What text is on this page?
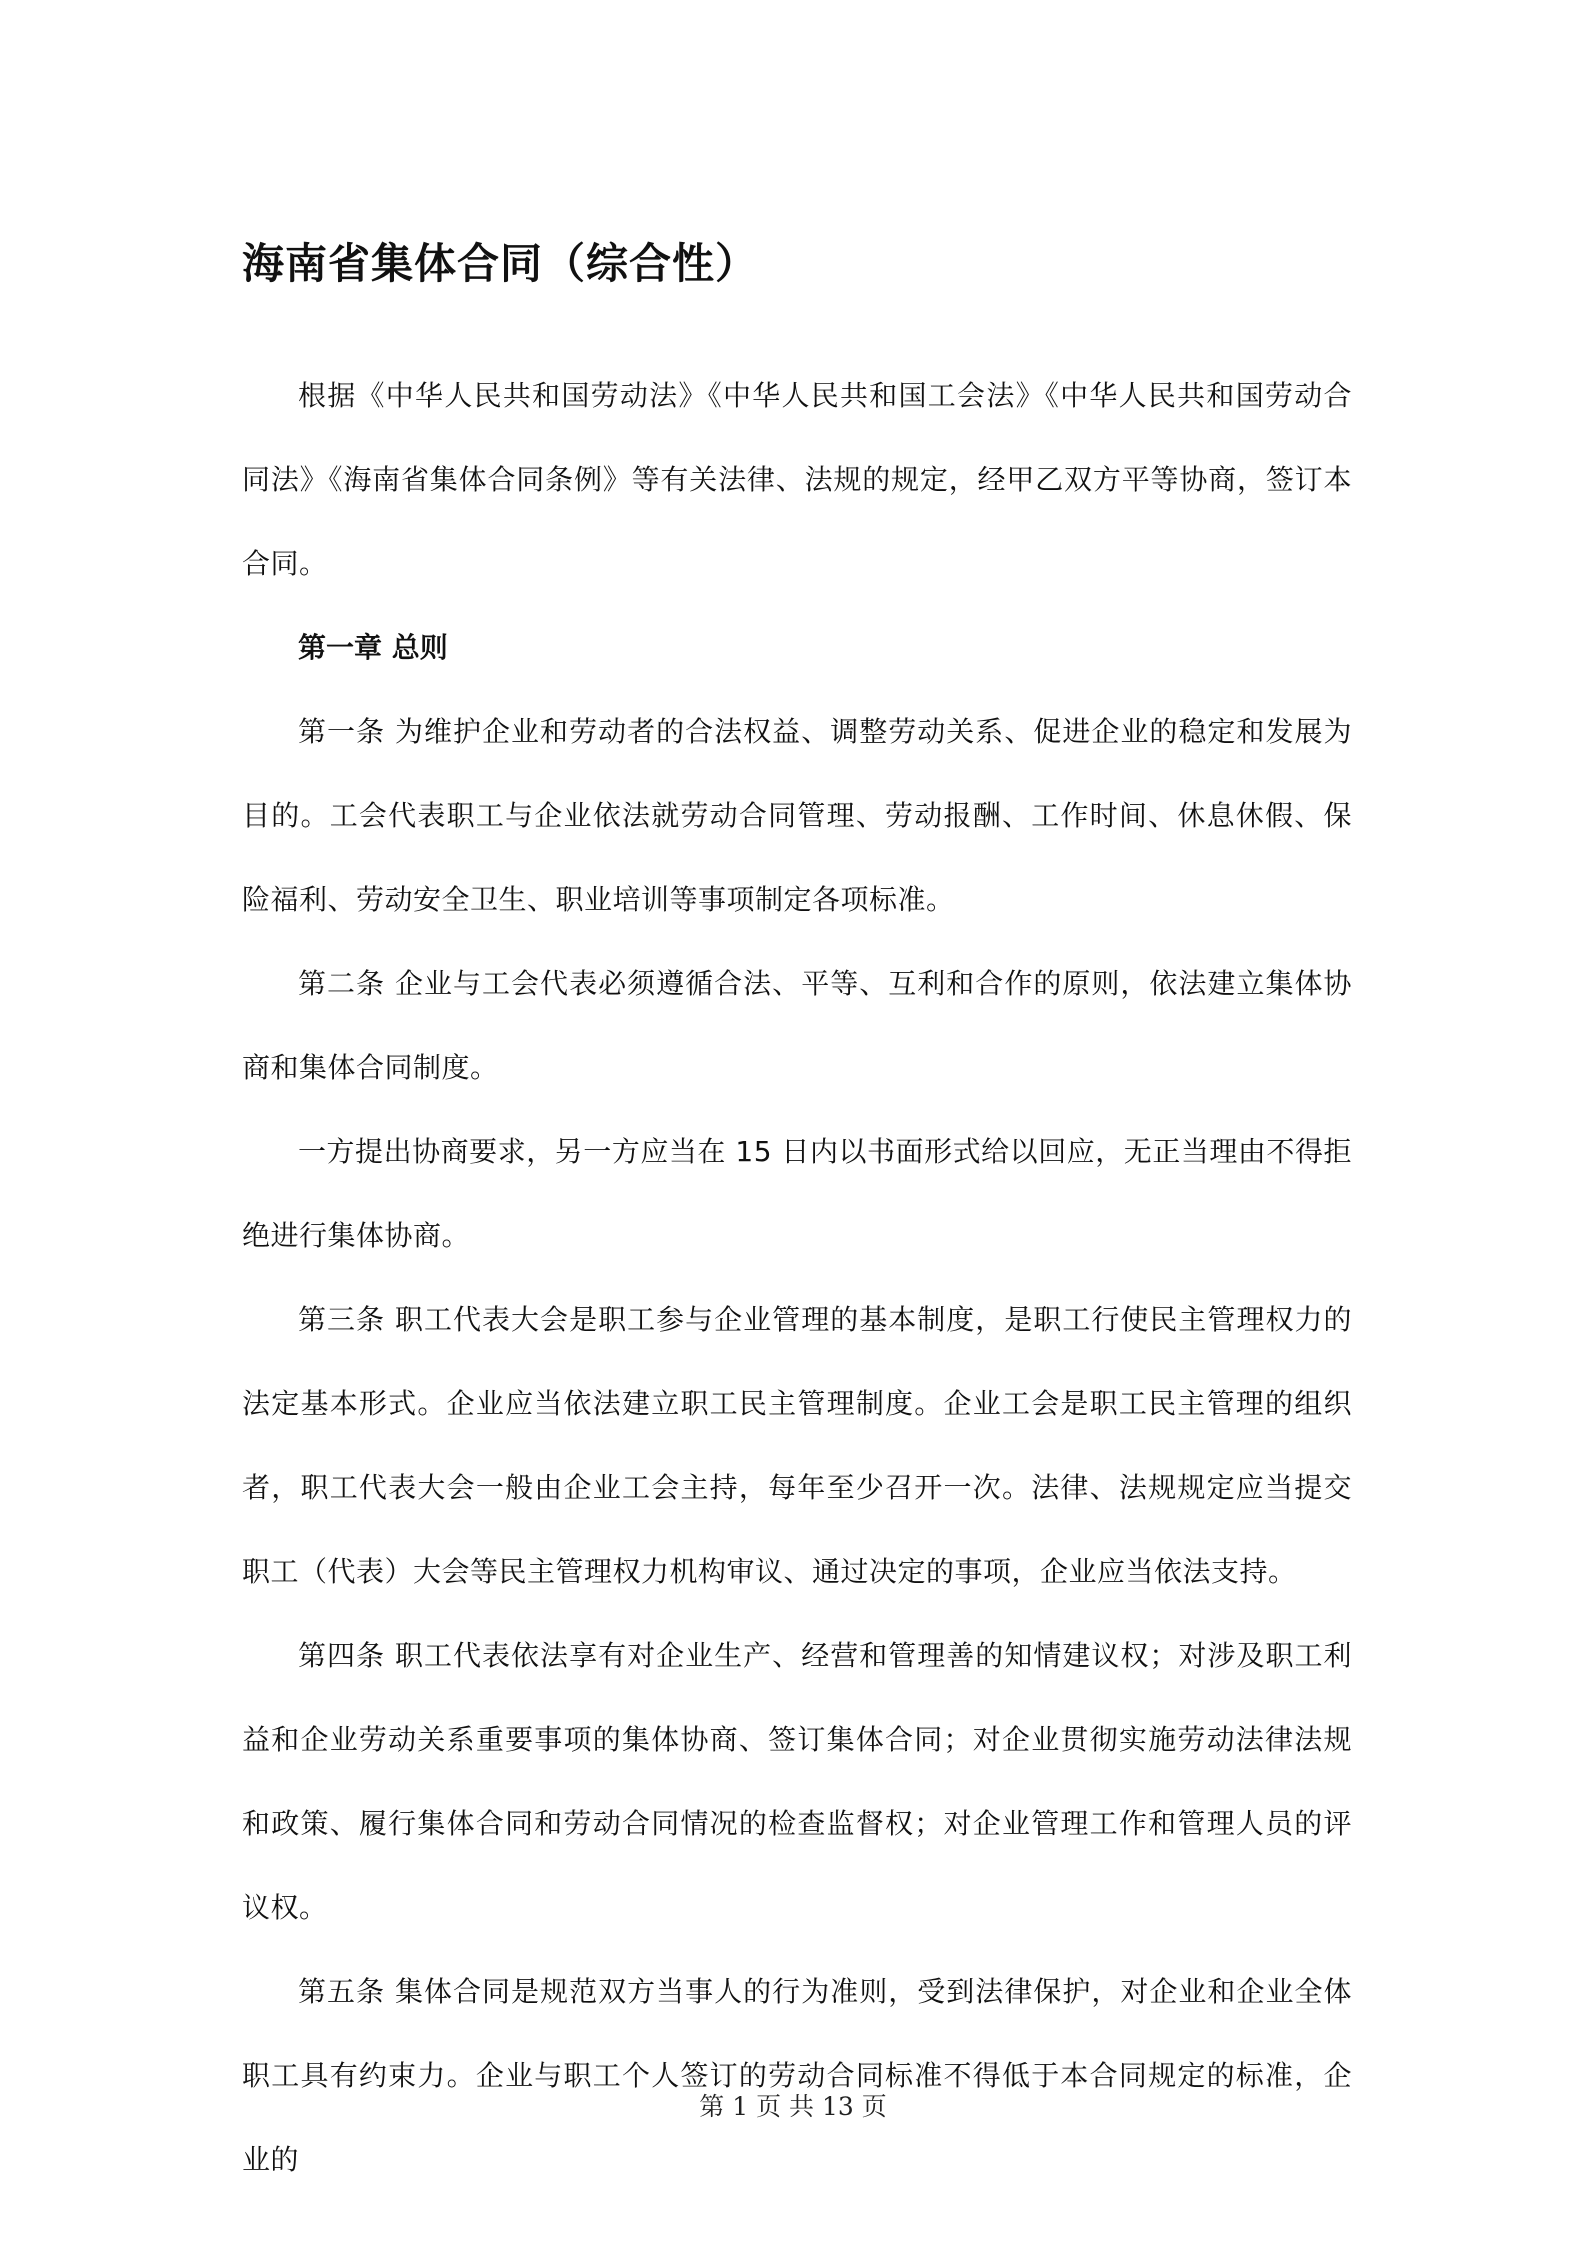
海南省集体合同（综合性）

根据《中华人民共和国劳动法》《中华人民共和国工会法》《中华人民共和国劳动合同法》《海南省集体合同条例》等有关法律、法规的规定，经甲乙双方平等协商，签订本合同。

第一章 总则

第一条 为维护企业和劳动者的合法权益、调整劳动关系、促进企业的稳定和发展为目的。工会代表职工与企业依法就劳动合同管理、劳动报酬、工作时间、休息休假、保险福利、劳动安全卫生、职业培训等事项制定各项标准。

第二条 企业与工会代表必须遵循合法、平等、互利和合作的原则，依法建立集体协商和集体合同制度。

一方提出协商要求，另一方应当在 15 日内以书面形式给以回应，无正当理由不得拒绝进行集体协商。

第三条 职工代表大会是职工参与企业管理的基本制度，是职工行使民主管理权力的法定基本形式。企业应当依法建立职工民主管理制度。企业工会是职工民主管理的组织者，职工代表大会一般由企业工会主持，每年至少召开一次。法律、法规规定应当提交职工（代表）大会等民主管理权力机构审议、通过决定的事项，企业应当依法支持。

第四条 职工代表依法享有对企业生产、经营和管理善的知情建议权；对涉及职工利益和企业劳动关系重要事项的集体协商、签订集体合同；对企业贯彻实施劳动法律法规和政策、履行集体合同和劳动合同情况的检查监督权；对企业管理工作和管理人员的评议权。

第五条 集体合同是规范双方当事人的行为准则，受到法律保护，对企业和企业全体职工具有约束力。企业与职工个人签订的劳动合同标准不得低于本合同规定的标准，企业的

第 1 页 共 13 页
